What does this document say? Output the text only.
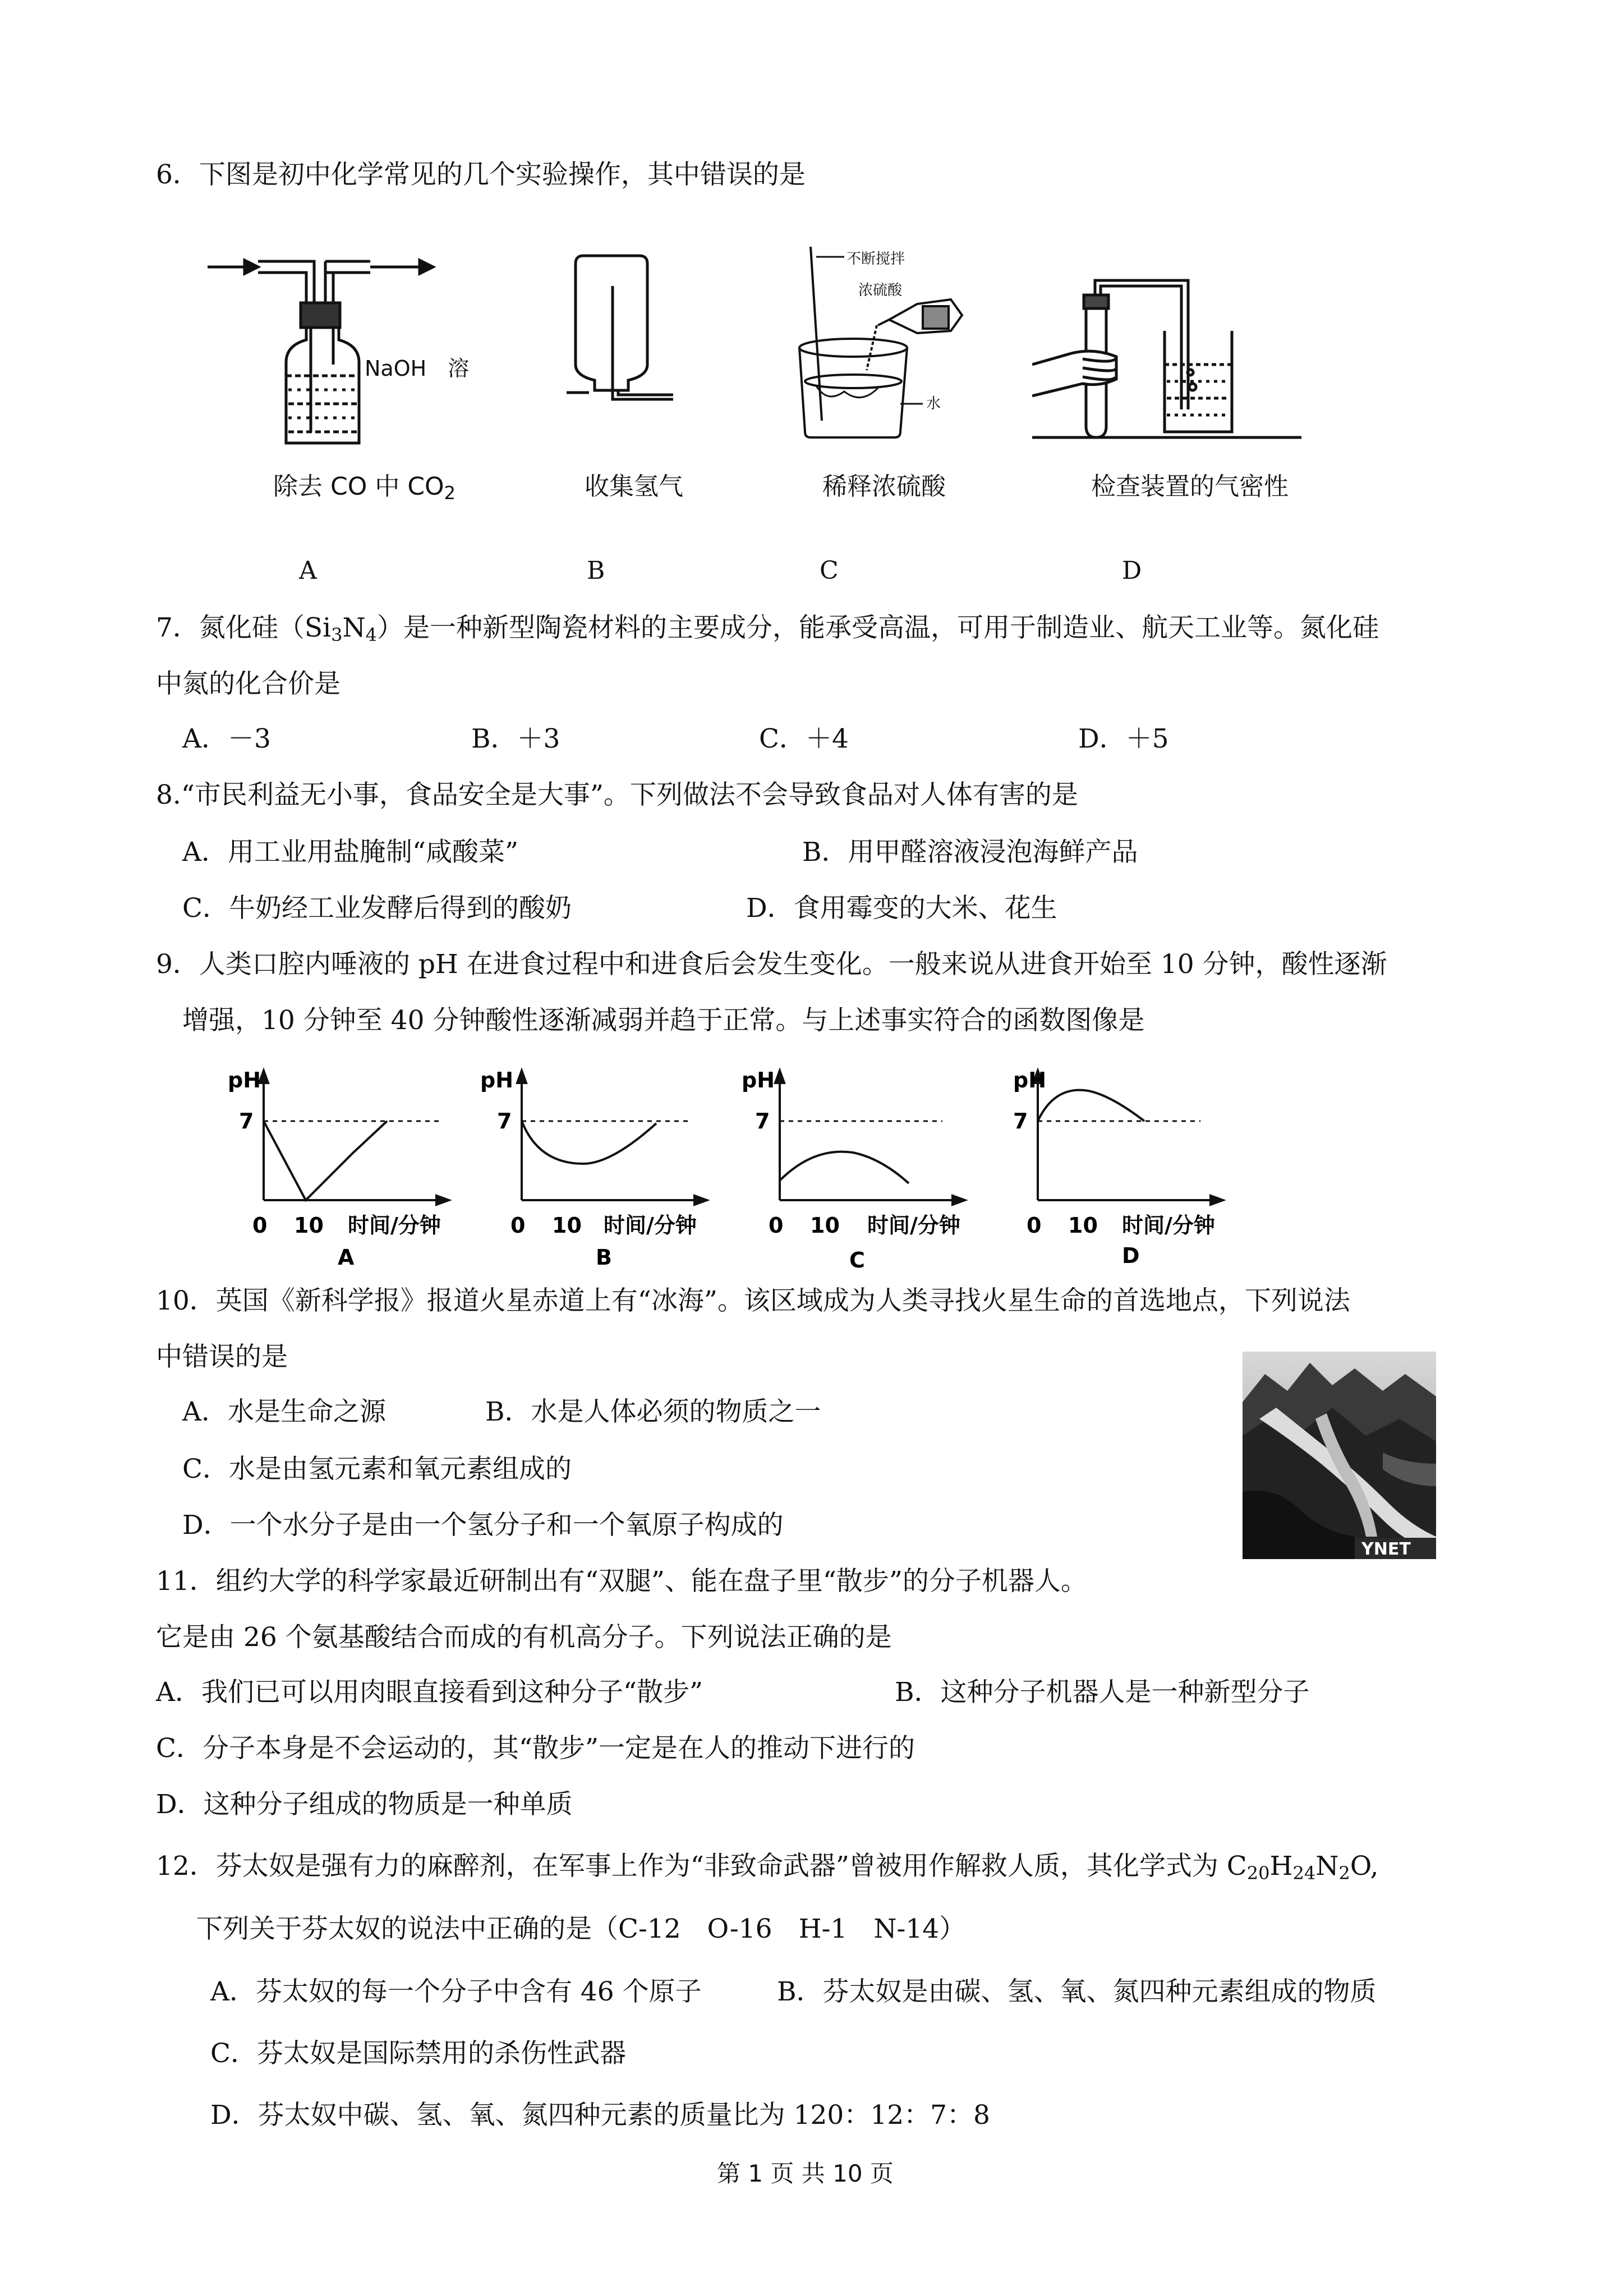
6．下图是初中化学常见的几个实验操作，其中错误的是
NaOH　溶
不断搅拌
浓硫酸
水
除去 CO 中 CO2	收集氢气	稀释浓硫酸	检查装置的气密性
A	B	C	D
7．氮化硅（Si3N4）是一种新型陶瓷材料的主要成分，能承受高温，可用于制造业、航天工业等。氮化硅
中氮的化合价是
A．－3	B．＋3	C．＋4	D．＋5
8.“市民利益无小事，食品安全是大事”。下列做法不会导致食品对人体有害的是
A．用工业用盐腌制“咸酸菜”	B．用甲醛溶液浸泡海鲜产品
C．牛奶经工业发酵后得到的酸奶	D．食用霉变的大米、花生
9．人类口腔内唾液的 pH 在进食过程中和进食后会发生变化。一般来说从进食开始至 10 分钟，酸性逐渐
增强，10 分钟至 40 分钟酸性逐渐减弱并趋于正常。与上述事实符合的函数图像是
pH
7
0 10 时间/分钟
A
pH
7
0 10 时间/分钟
B
pH
7
0 10 时间/分钟
C
pH
7
0 10 时间/分钟
D
10．英国《新科学报》报道火星赤道上有“冰海”。该区域成为人类寻找火星生命的首选地点，下列说法
中错误的是
A．水是生命之源	B．水是人体必须的物质之一
C．水是由氢元素和氧元素组成的
D．一个水分子是由一个氢分子和一个氧原子构成的
YNET
11．组约大学的科学家最近研制出有“双腿”、能在盘子里“散步”的分子机器人。
它是由 26 个氨基酸结合而成的有机高分子。下列说法正确的是
A．我们已可以用肉眼直接看到这种分子“散步”	B．这种分子机器人是一种新型分子
C．分子本身是不会运动的，其“散步”一定是在人的推动下进行的
D．这种分子组成的物质是一种单质
12．芬太奴是强有力的麻醉剂，在军事上作为“非致命武器”曾被用作解救人质，其化学式为 C20H24N2O,
下列关于芬太奴的说法中正确的是（C-12　O-16　H-1　N-14）
A．芬太奴的每一个分子中含有 46 个原子	B．芬太奴是由碳、氢、氧、氮四种元素组成的物质
C．芬太奴是国际禁用的杀伤性武器
D．芬太奴中碳、氢、氧、氮四种元素的质量比为 120：12：7：8
第 1 页 共 10 页
